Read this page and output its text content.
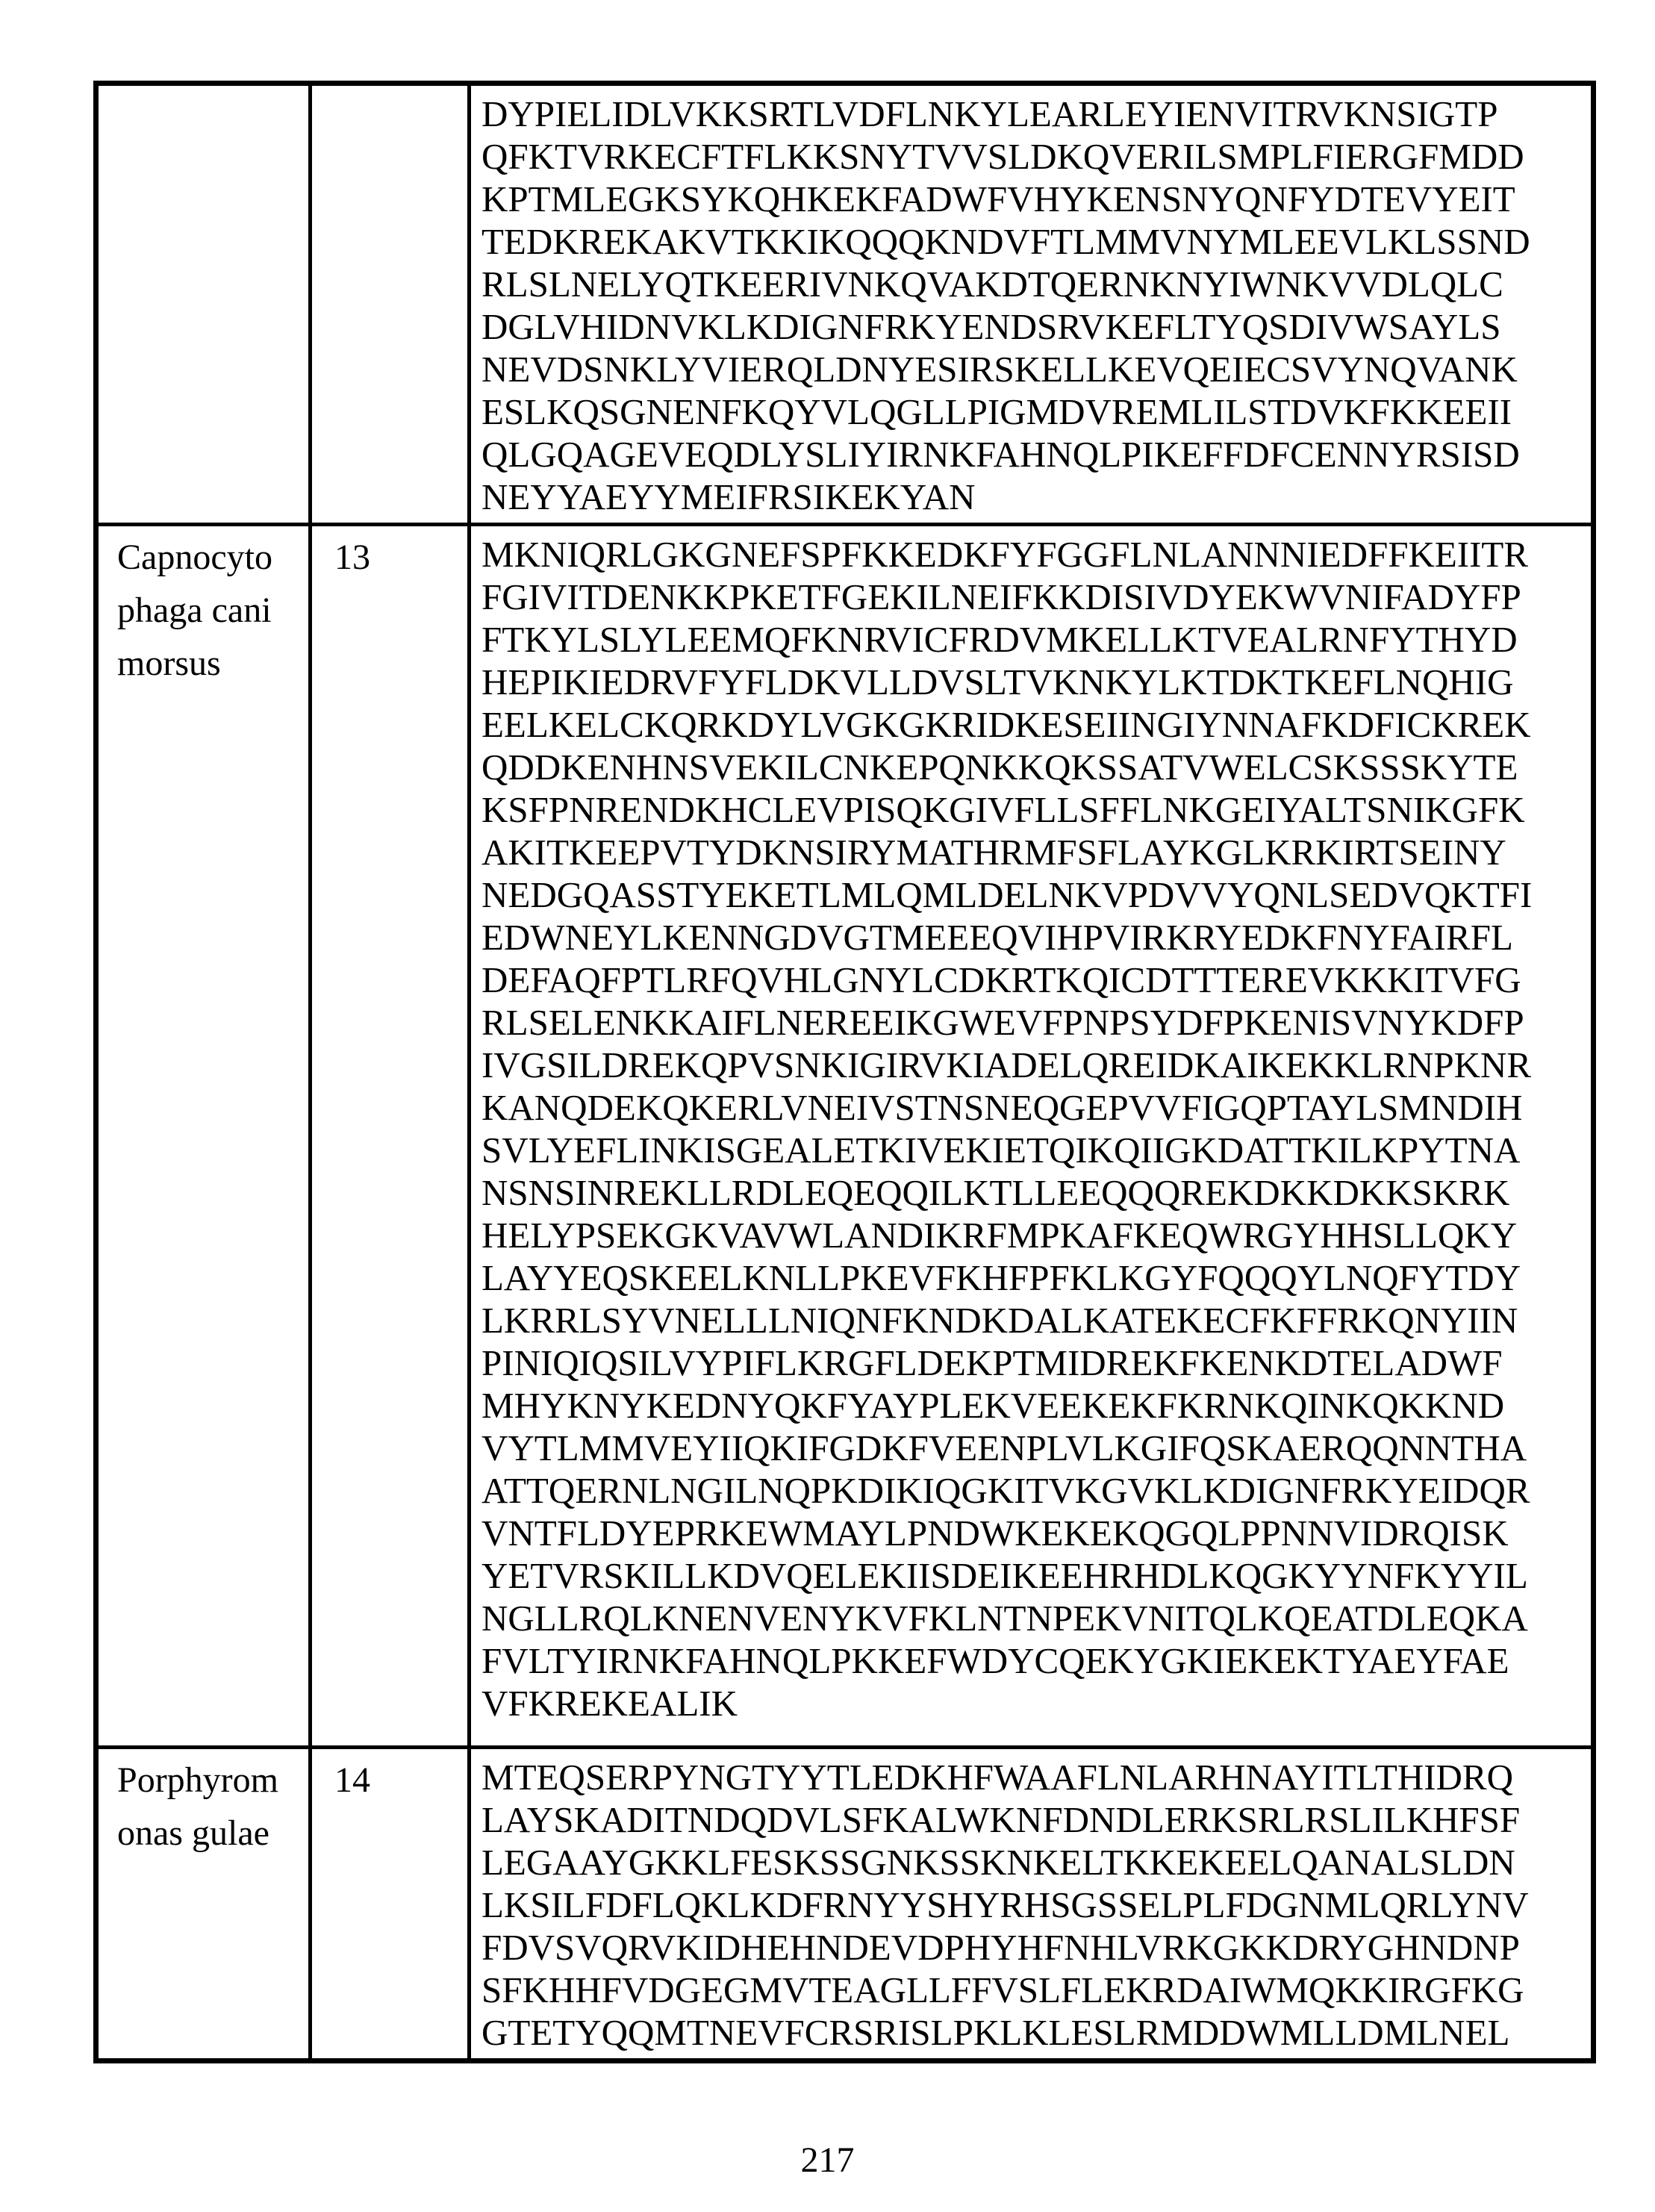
		DYPIELIDLVKKSRTLVDFLNKYLEARLEYIENVITRVKNSIGTP
QFKTVRKECFTFLKKSNYTVVSLDKQVERILSMPLFIERGFMDD
KPTMLEGKSYKQHKEKFADWFVHYKENSNYQNFYDTEVYEIT
TEDKREKAKVTKKIKQQQKNDVFTLMMVNYMLEEVLKLSSND
RLSLNELYQTKEERIVNKQVAKDTQERNKNYIWNKVVDLQLC
DGLVHIDNVKLKDIGNFRKYENDSRVKEFLTYQSDIVWSAYLS
NEVDSNKLYVIERQLDNYESIRSKELLKEVQEIECSVYNQVANK
ESLKQSGNENFKQYVLQGLLPIGMDVREMLILSTDVKFKKEEII
QLGQAGEVEQDLYSLIYIRNKFAHNQLPIKEFFDFCENNYRSISD
NEYYAEYYMEIFRSIKEKYAN
Capnocytophaga canimorsus	13	MKNIQRLGKGNEFSPFKKEDKFYFGGFLNLANNNIEDFFKEIITR
FGIVITDENKKPKETFGEKILNEIFKKDISIVDYEKWVNIFADYFP
FTKYLSLYLEEMQFKNRVICFRDVMKELLKTVEALRNFYTHYD
HEPIKIEDRVFYFLDKVLLDVSLTVKNKYLKTDKTKEFLNQHIG
EELKELCKQRKDYLVGKGKRIDKESEIINGIYNNAFKDFICKREK
QDDKENHNSVEKILCNKEPQNKKQKSSATVWELCSKSSSKYTE
KSFPNRENDKHCLEVPISQKGIVFLLSFFLNKGEIYALTSNIKGFK
AKITKEEPVTYDKNSIRYMATHRMFSFLAYKGLKRKIRTSEINY
NEDGQASSTYEKETLMLQMLDELNKVPDVVYQNLSEDVQKTFI
EDWNEYLKENNGDVGTMEEEQVIHPVIRKRYEDKFNYFAIRFL
DEFAQFPTLRFQVHLGNYLCDKRTKQICDTTTEREVKKKITVFG
RLSELENKKAIFLNEREEIKGWEVFPNPSYDFPKENISVNYKDFP
IVGSILDREKQPVSNKIGIRVKIADELQREIDKAIKEKKLRNPKNR
KANQDEKQKERLVNEIVSTNSNEQGEPVVFIGQPTAYLSMNDIH
SVLYEFLINKISGEALETKIVEKIETQIKQIIGKDATTKILKPYTNA
NSNSINREKLLRDLEQEQQILKTLLEEQQQREKDKKDKKSKRK
HELYPSEKGKVAVWLANDIKRFMPKAFKEQWRGYHHSLLQKY
LAYYEQSKEELKNLLPKEVFKHFPFKLKGYFQQQYLNQFYTDY
LKRRLSYVNELLLNIQNFKNDKDALKATEKECFKFFRKQNYIIN
PINIQIQSILVYPIFLKRGFLDEKPTMIDREKFKENKDTELADWF
MHYKNYKEDNYQKFYAYPLEKVEEKEKFKRNKQINKQKKND
VYTLMMVEYIIQKIFGDKFVEENPLVLKGIFQSKAERQQNNTHA
ATTQERNLNGILNQPKDIKIQGKITVKGVKLKDIGNFRKYEIDQR
VNTFLDYEPRKEWMAYLPNDWKEKEKQGQLPPNNVIDRQISK
YETVRSKILLKDVQELEKIISDEIKEEHRHDLKQGKYYNFKYYIL
NGLLRQLKNENVENYKVFKLNTNPEKVNITQLKQEATDLEQKA
FVLTYIRNKFAHNQLPKKEFWDYCQEKYGKIEKEKTYAEYFAE
VFKREKEALIK
Porphyromonas gulae	14	MTEQSERPYNGTYYTLEDKHFWAAFLNLARHNAYITLTHIDRQ
LAYSKADITNDQDVLSFKALWKNFDNDLERKSRLRSLILKHFSF
LEGAAYGKKLFESKSSGNKSSKNKELTKKEKEELQANALSLDN
LKSILFDFLQKLKDFRNYYSHYRHSGSSELPLFDGNMLQRLYNV
FDVSVQRVKIDHEHNDEVDPHYHFNHLVRKGKKDRYGHNDNP
SFKHHFVDGEGMVTEAGLLFFVSLFLEKRDAIWMQKKIRGFKG
GTETYQQMTNEVFCRSRISLPKLKLESLRMDDWMLLDMLNEL
217
